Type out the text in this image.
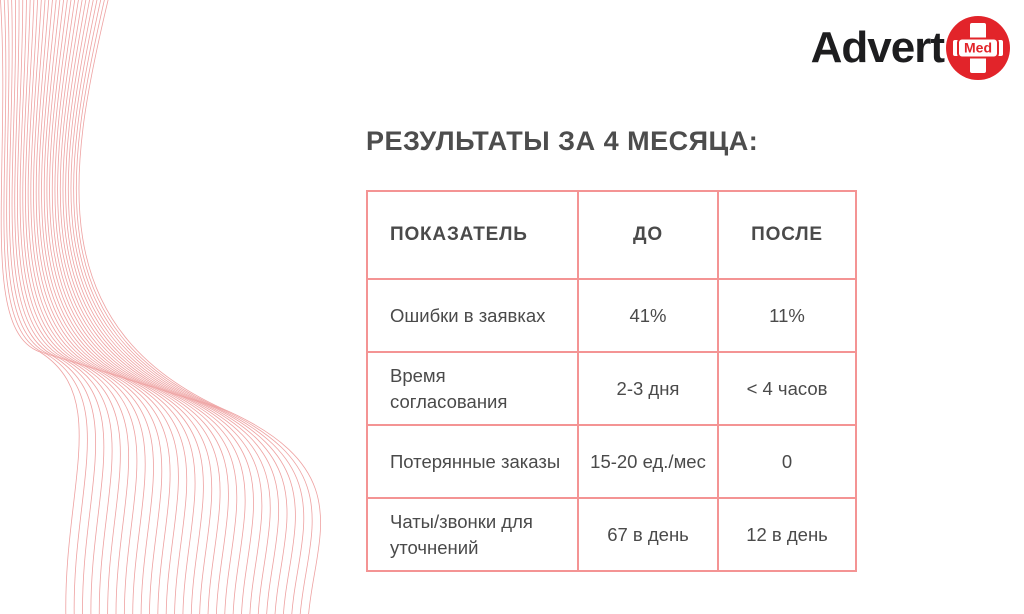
Advert	Med
РЕЗУЛЬТАТЫ ЗА 4 МЕСЯЦА:
ПОКАЗАТЕЛЬ	ДО	ПОСЛЕ
Ошибки в заявках	41%	11%
Время согласования	2-3 дня	< 4 часов
Потерянные заказы	15-20 ед./мес	0
Чаты/звонки для уточнений	67 в день	12 в день
